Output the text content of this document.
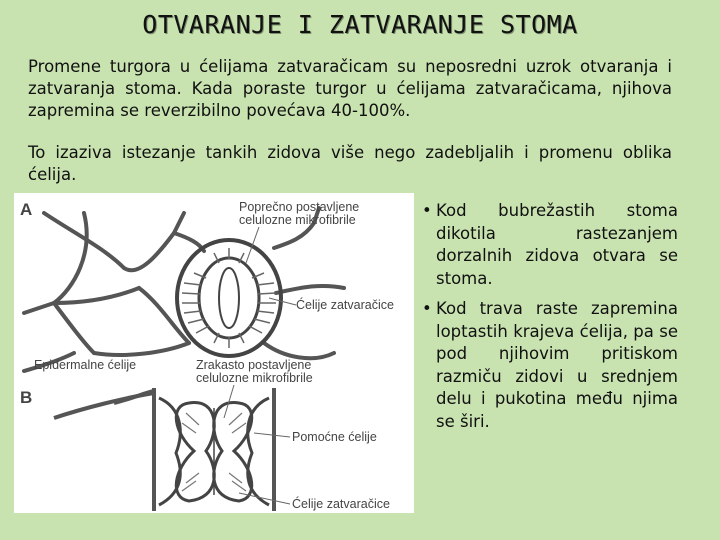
OTVARANJE I ZATVARANJE STOMA
Promene turgora u ćelijama zatvaračicam su neposredni uzrok otvaranja i zatvaranja stoma. Kada poraste turgor u ćelijama zatvaračicama, njihova zapremina se reverzibilno povećava 40-100%.
To izaziva istezanje tankih zidova više nego zadebljalih i promenu oblika ćelija.
A
B
Poprečno postavljene
celulozne mikrofibrile
Ćelije zatvaračice
Epidermalne ćelije	Zrakasto postavljene
celulozne mikrofibrile
Pomoćne ćelije
Ćelije zatvaračice
• Kod bubrežastih stoma dikotila rastezanjem dorzalnih zidova otvara se stoma.
• Kod trava raste zapremina loptastih krajeva ćelija, pa se pod njihovim pritiskom razmiču zidovi u srednjem delu i pukotina među njima se širi.
